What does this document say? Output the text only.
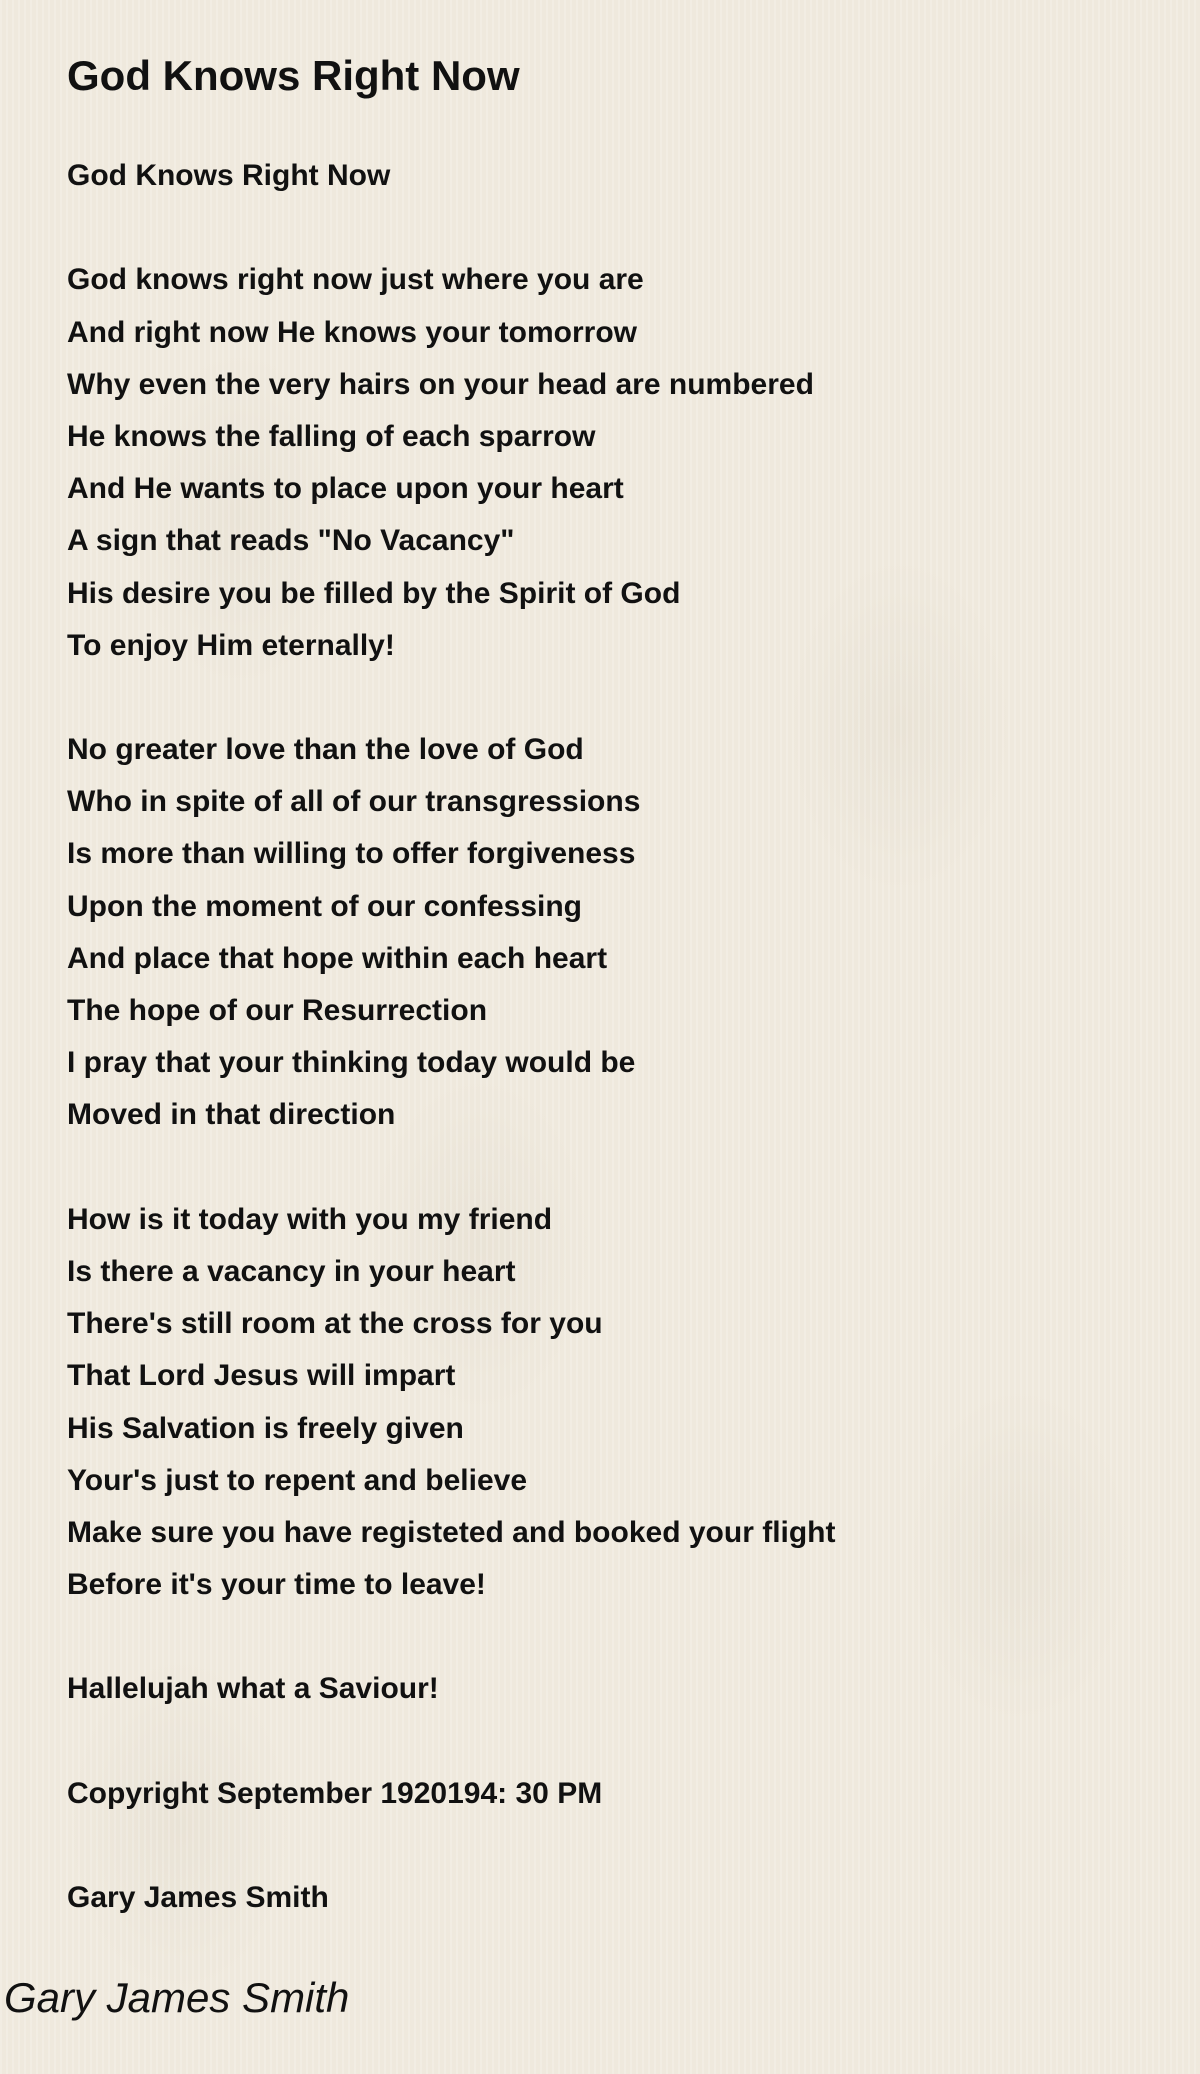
God Knows Right Now
God Knows Right Now
God knows right now just where you are
And right now He knows your tomorrow
Why even the very hairs on your head are numbered
He knows the falling of each sparrow
And He wants to place upon your heart
A sign that reads "No Vacancy"
His desire you be filled by the Spirit of God
To enjoy Him eternally!
No greater love than the love of God
Who in spite of all of our transgressions
Is more than willing to offer forgiveness
Upon the moment of our confessing
And place that hope within each heart
The hope of our Resurrection
I pray that your thinking today would be
Moved in that direction
How is it today with you my friend
Is there a vacancy in your heart
There's still room at the cross for you
That Lord Jesus will impart
His Salvation is freely given
Your's just to repent and believe
Make sure you have registeted and booked your flight
Before it's your time to leave!
Hallelujah what a Saviour!
Copyright September 1920194: 30 PM
Gary James Smith
Gary James Smith
